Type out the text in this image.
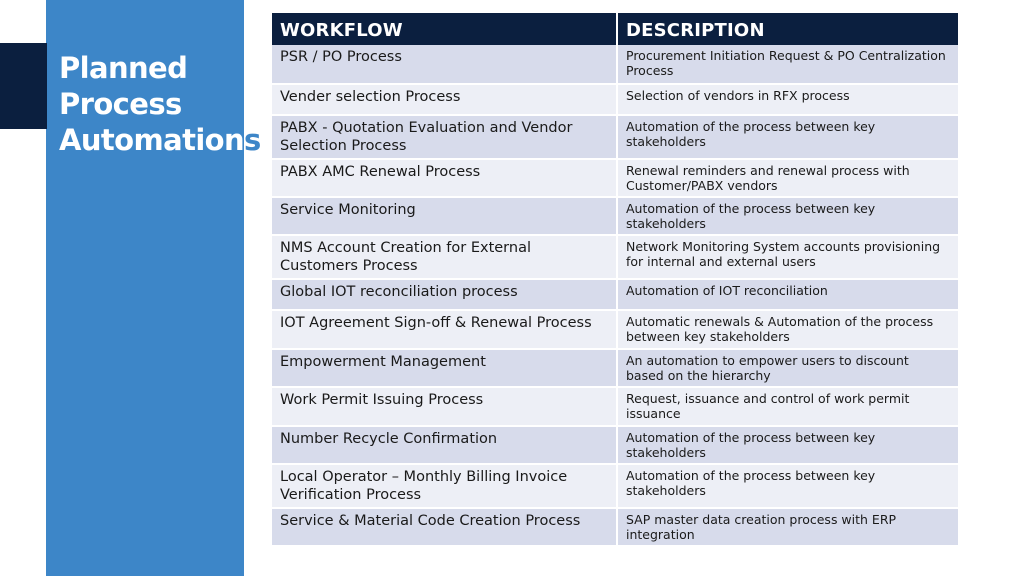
Planned
Process
Automations
WORKFLOW	DESCRIPTION
PSR / PO Process	Procurement Initiation Request & PO Centralization Process
Vender selection Process	Selection of vendors in RFX process
PABX - Quotation Evaluation and Vendor Selection Process	Automation of the process between key stakeholders
PABX AMC Renewal Process	Renewal reminders and renewal process with Customer/PABX vendors
Service Monitoring	Automation of the process between key stakeholders
NMS Account Creation for External Customers Process	Network Monitoring System accounts provisioning for internal and external users
Global IOT reconciliation process	Automation of IOT reconciliation
IOT Agreement Sign-off & Renewal Process	Automatic renewals & Automation of the process between key stakeholders
Empowerment Management	An automation to empower users to discount based on the hierarchy
Work Permit Issuing Process	Request, issuance and control of work permit issuance
Number Recycle Confirmation	Automation of the process between key stakeholders
Local Operator – Monthly Billing Invoice Verification Process	Automation of the process between key stakeholders
Service & Material Code Creation Process	SAP master data creation process with ERP integration
